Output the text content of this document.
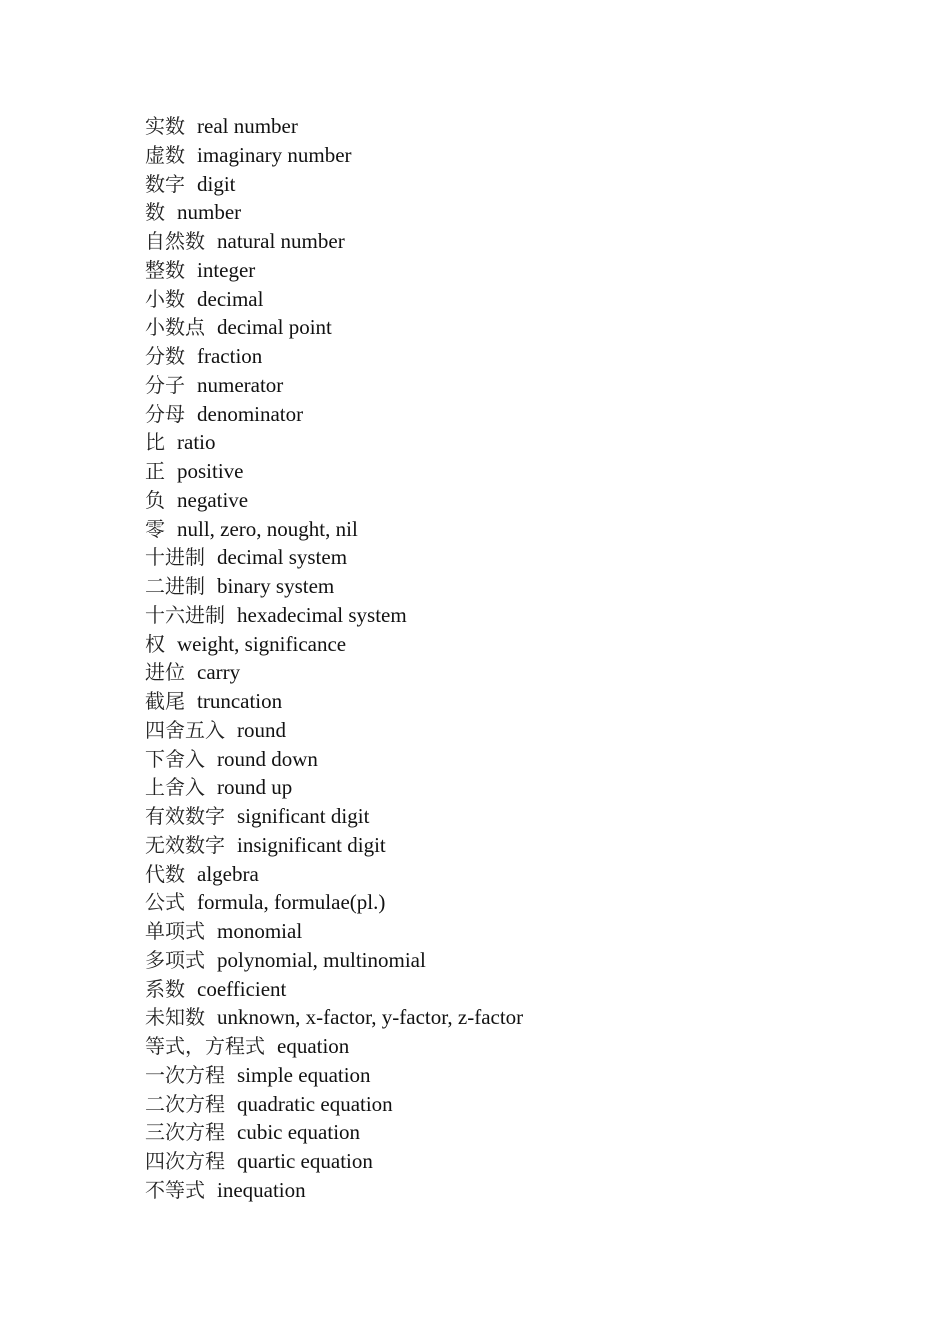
实数 real number
虚数 imaginary number
数字 digit
数 number
自然数 natural number
整数 integer
小数 decimal
小数点 decimal point
分数 fraction
分子 numerator
分母 denominator
比 ratio
正 positive
负 negative
零 null, zero, nought, nil
十进制 decimal system
二进制 binary system
十六进制 hexadecimal system
权 weight, significance
进位 carry
截尾 truncation
四舍五入 round
下舍入 round down
上舍入 round up
有效数字 significant digit
无效数字 insignificant digit
代数 algebra
公式 formula, formulae(pl.)
单项式 monomial
多项式 polynomial, multinomial
系数 coefficient
未知数 unknown, x-factor, y-factor, z-factor
等式，方程式 equation
一次方程 simple equation
二次方程 quadratic equation
三次方程 cubic equation
四次方程 quartic equation
不等式 inequation
